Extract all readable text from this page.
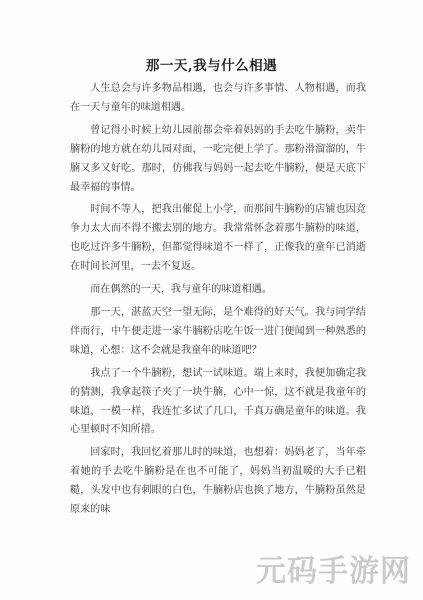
那一天,我与什么相遇

人生总会与许多物品相遇，也会与许多事情、人物相遇，而我在一天与童年的味道相遇。

曾记得小时候上幼儿园前都会牵着妈妈的手去吃牛腩粉，卖牛腩粉的地方就在幼儿园对面，一吃完便上学了。那粉滑溜溜的，牛腩又多又好吃。那时，仿佛我与妈妈一起去吃牛腩粉，便是天底下最幸福的事情。

时间不等人，把我出催促上小学，而那间牛腩粉的店铺也因竞争力太大而不得不搬去别的地方。我常常怀念着那牛腩粉的味道，也吃过许多牛腩粉，但都觉得味道不一样了，正像我的童年已消逝在时间长河里，一去不复返。

而在偶然的一天，我与童年的味道相遇。

那一天，湛蓝天空一望无际，是个难得的好天气。我与同学结伴而行，中午便走进一家牛腩粉店吃午饭一进门便闻到一种熟悉的味道，心想：这不会就是我童年的味道吧？

我点了一个牛腩粉，想试一试味道。端上来时，我便加确定我的猜测，我拿起筷子夹了一块牛腩，心中一惊，这不就是我童年的味道，一模一样，我连忙多试了几口，千真万确是童年的味道。我心里顿时不知所措。

回家时，我回忆着那儿时的味道，也想着：妈妈老了，当年牵着她的手去吃牛腩粉是在也不可能了，妈妈当初温暖的大手已粗糙，头发中也有刺眼的白色，牛腩粉店也换了地方，牛腩粉虽然是原来的味

元码手游网
